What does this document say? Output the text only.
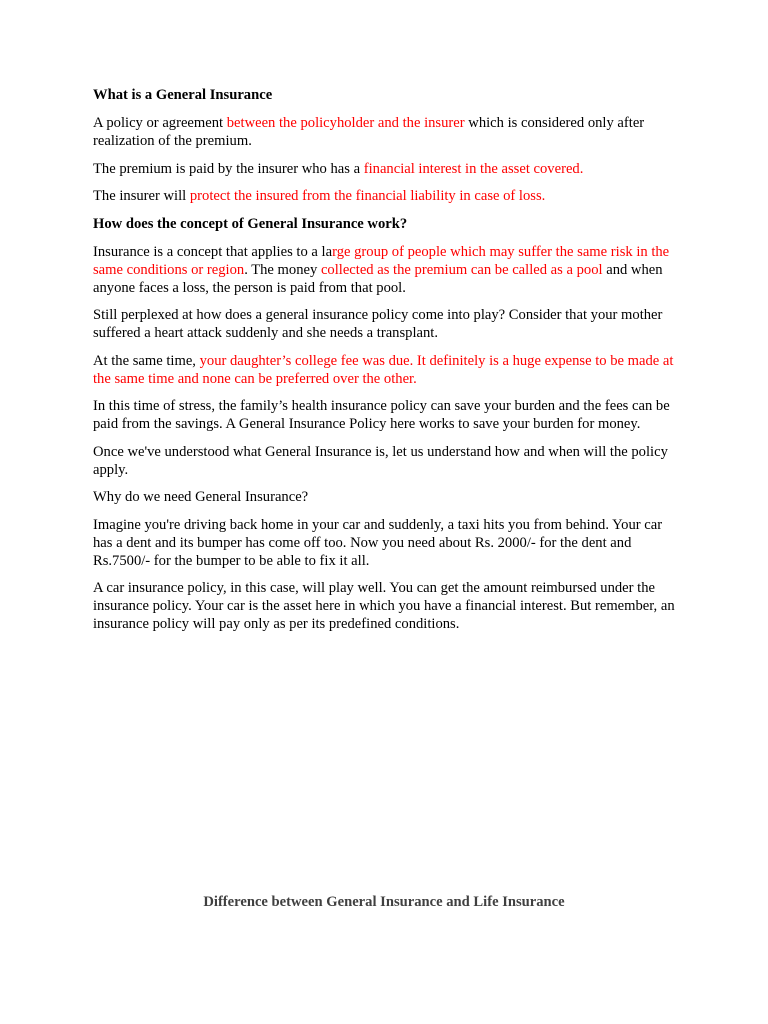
What is a General Insurance

A policy or agreement between the policyholder and the insurer which is considered only after realization of the premium.

The premium is paid by the insurer who has a financial interest in the asset covered.

The insurer will protect the insured from the financial liability in case of loss.

How does the concept of General Insurance work?

Insurance is a concept that applies to a large group of people which may suffer the same risk in the same conditions or region. The money collected as the premium can be called as a pool and when anyone faces a loss, the person is paid from that pool.

Still perplexed at how does a general insurance policy come into play? Consider that your mother suffered a heart attack suddenly and she needs a transplant.

At the same time, your daughter’s college fee was due. It definitely is a huge expense to be made at the same time and none can be preferred over the other.

In this time of stress, the family’s health insurance policy can save your burden and the fees can be paid from the savings. A General Insurance Policy here works to save your burden for money.

Once we've understood what General Insurance is, let us understand how and when will the policy apply.

Why do we need General Insurance?

Imagine you're driving back home in your car and suddenly, a taxi hits you from behind. Your car has a dent and its bumper has come off too. Now you need about Rs. 2000/- for the dent and Rs.7500/- for the bumper to be able to fix it all.

A car insurance policy, in this case, will play well. You can get the amount reimbursed under the insurance policy. Your car is the asset here in which you have a financial interest. But remember, an insurance policy will pay only as per its predefined conditions.

Difference between General Insurance and Life Insurance
